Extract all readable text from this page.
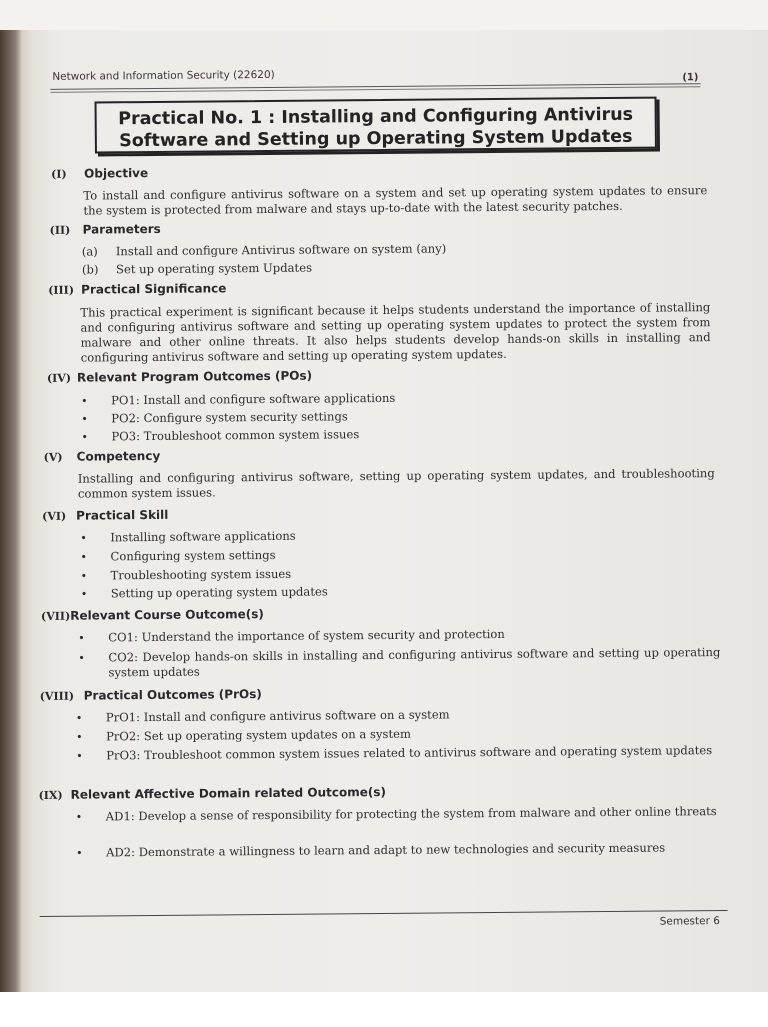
Network and Information Security (22620)	(1)
Practical No. 1 : Installing and Configuring Antivirus
Software and Setting up Operating System Updates
(I) Objective
To install and configure antivirus software on a system and set up operating system updates to ensure the system is protected from malware and stays up-to-date with the latest security patches.
(II) Parameters
(a) Install and configure Antivirus software on system (any)
(b) Set up operating system Updates
(III) Practical Significance
This practical experiment is significant because it helps students understand the importance of installing and configuring antivirus software and setting up operating system updates to protect the system from malware and other online threats. It also helps students develop hands-on skills in installing and configuring antivirus software and setting up operating system updates.
(IV) Relevant Program Outcomes (POs)
• PO1: Install and configure software applications
• PO2: Configure system security settings
• PO3: Troubleshoot common system issues
(V) Competency
Installing and configuring antivirus software, setting up operating system updates, and troubleshooting common system issues.
(VI) Practical Skill
• Installing software applications
• Configuring system settings
• Troubleshooting system issues
• Setting up operating system updates
(VII)Relevant Course Outcome(s)
• CO1: Understand the importance of system security and protection
• CO2: Develop hands-on skills in installing and configuring antivirus software and setting up operating system updates
(VIII) Practical Outcomes (PrOs)
• PrO1: Install and configure antivirus software on a system
• PrO2: Set up operating system updates on a system
• PrO3: Troubleshoot common system issues related to antivirus software and operating system updates
(IX) Relevant Affective Domain related Outcome(s)
• AD1: Develop a sense of responsibility for protecting the system from malware and other online threats
• AD2: Demonstrate a willingness to learn and adapt to new technologies and security measures
Semester 6
